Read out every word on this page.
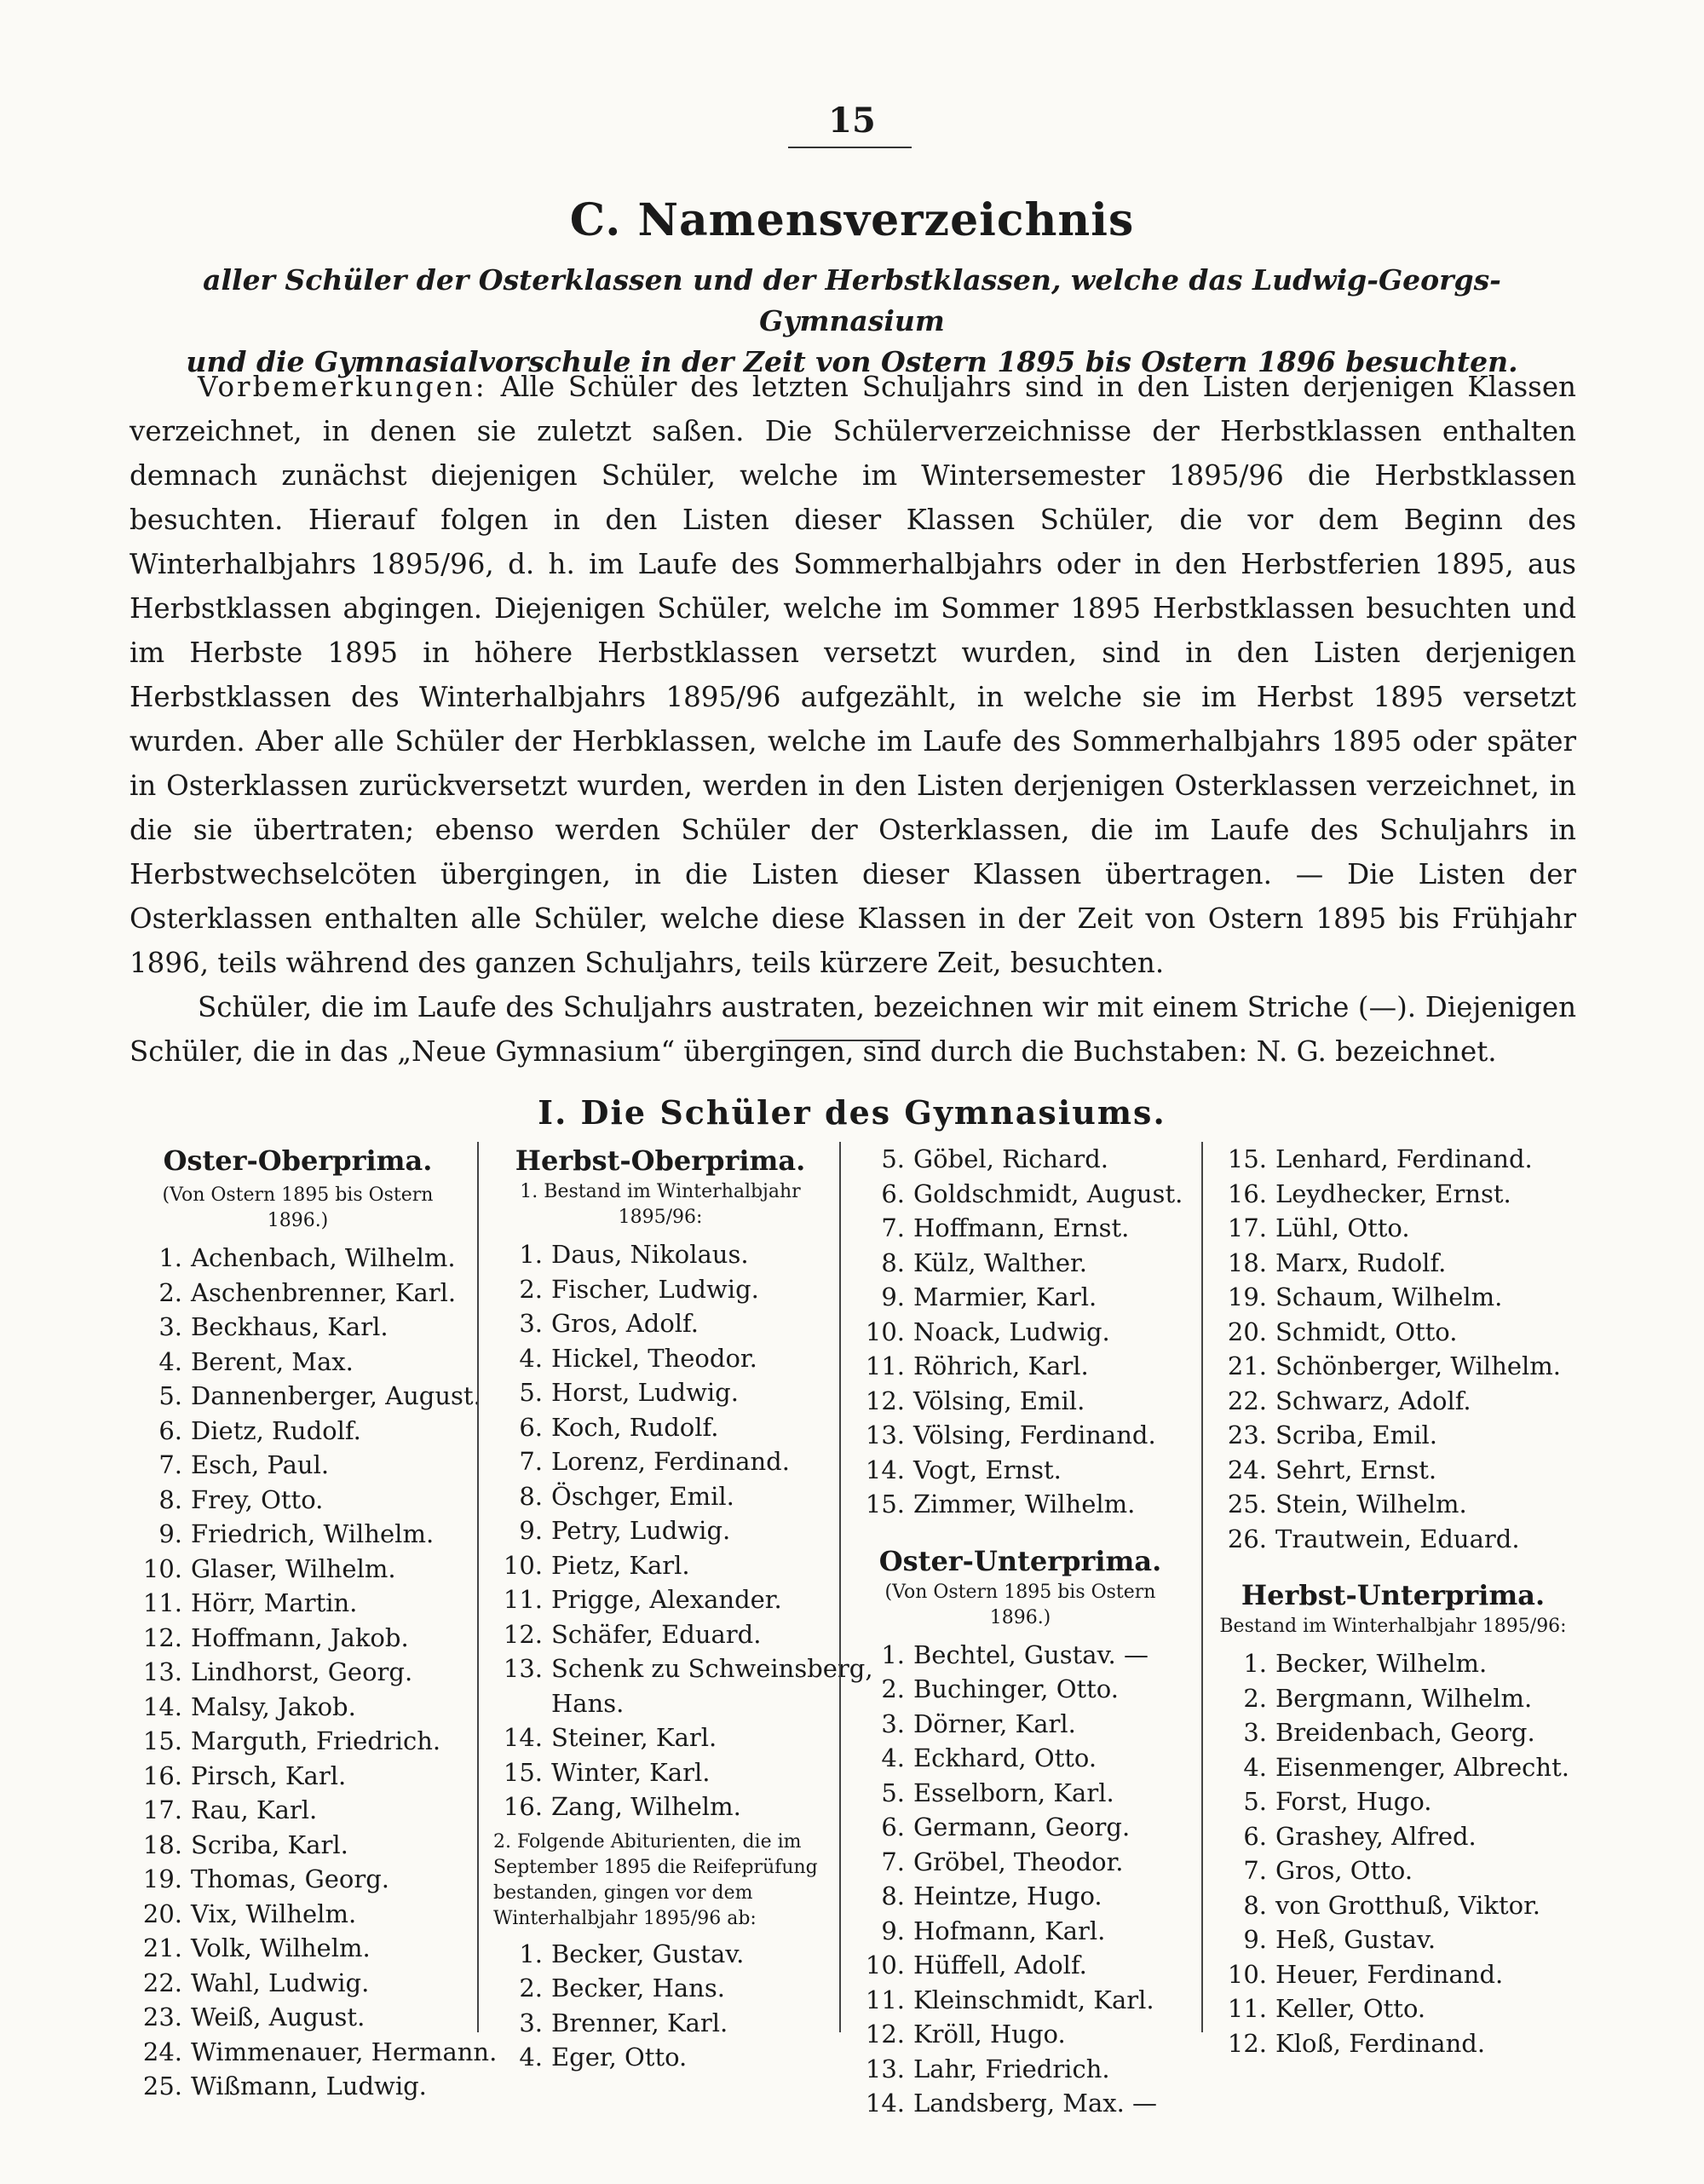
15
C. Namensverzeichnis
aller Schüler der Osterklassen und der Herbstklassen, welche das Ludwig-Georgs-Gymnasium
und die Gymnasialvorschule in der Zeit von Ostern 1895 bis Ostern 1896 besuchten.

Vorbemerkungen: Alle Schüler des letzten Schuljahrs sind in den Listen derjenigen Klassen verzeichnet, in denen sie zuletzt saßen. Die Schülerverzeichnisse der Herbstklassen enthalten demnach zunächst diejenigen Schüler, welche im Wintersemester 1895/96 die Herbstklassen besuchten. Hierauf folgen in den Listen dieser Klassen Schüler, die vor dem Beginn des Winterhalbjahrs 1895/96, d. h. im Laufe des Sommerhalbjahrs oder in den Herbstferien 1895, aus Herbstklassen abgingen. Diejenigen Schüler, welche im Sommer 1895 Herbstklassen besuchten und im Herbste 1895 in höhere Herbstklassen versetzt wurden, sind in den Listen derjenigen Herbstklassen des Winterhalbjahrs 1895/96 aufgezählt, in welche sie im Herbst 1895 versetzt wurden. Aber alle Schüler der Herbklassen, welche im Laufe des Sommerhalbjahrs 1895 oder später in Osterklassen zurückversetzt wurden, werden in den Listen derjenigen Osterklassen verzeichnet, in die sie übertraten; ebenso werden Schüler der Osterklassen, die im Laufe des Schuljahrs in Herbstwechselcöten übergingen, in die Listen dieser Klassen übertragen. — Die Listen der Osterklassen enthalten alle Schüler, welche diese Klassen in der Zeit von Ostern 1895 bis Frühjahr 1896, teils während des ganzen Schuljahrs, teils kürzere Zeit, besuchten.

Schüler, die im Laufe des Schuljahrs austraten, bezeichnen wir mit einem Striche (—). Diejenigen Schüler, die in das „Neue Gymnasium“ übergingen, sind durch die Buchstaben: N. G. bezeichnet.

I. Die Schüler des Gymnasiums.
Oster-Oberprima.
(Von Ostern 1895 bis Ostern 1896.)
1. Achenbach, Wilhelm.
2. Aschenbrenner, Karl.
3. Beckhaus, Karl.
4. Berent, Max.
5. Dannenberger, August.
6. Dietz, Rudolf.
7. Esch, Paul.
8. Frey, Otto.
9. Friedrich, Wilhelm.
10. Glaser, Wilhelm.
11. Hörr, Martin.
12. Hoffmann, Jakob.
13. Lindhorst, Georg.
14. Malsy, Jakob.
15. Marguth, Friedrich.
16. Pirsch, Karl.
17. Rau, Karl.
18. Scriba, Karl.
19. Thomas, Georg.
20. Vix, Wilhelm.
21. Volk, Wilhelm.
22. Wahl, Ludwig.
23. Weiß, August.
24. Wimmenauer, Hermann.
25. Wißmann, Ludwig.
Herbst-Oberprima.
1. Bestand im Winterhalbjahr 1895/96:
1. Daus, Nikolaus.
2. Fischer, Ludwig.
3. Gros, Adolf.
4. Hickel, Theodor.
5. Horst, Ludwig.
6. Koch, Rudolf.
7. Lorenz, Ferdinand.
8. Öschger, Emil.
9. Petry, Ludwig.
10. Pietz, Karl.
11. Prigge, Alexander.
12. Schäfer, Eduard.
13. Schenk zu Schweinsberg,
Hans.
14. Steiner, Karl.
15. Winter, Karl.
16. Zang, Wilhelm.
2. Folgende Abiturienten, die im September 1895 die Reifeprüfung bestanden, gingen vor dem Winterhalbjahr 1895/96 ab:
1. Becker, Gustav.
2. Becker, Hans.
3. Brenner, Karl.
4. Eger, Otto.
5. Göbel, Richard.
6. Goldschmidt, August.
7. Hoffmann, Ernst.
8. Külz, Walther.
9. Marmier, Karl.
10. Noack, Ludwig.
11. Röhrich, Karl.
12. Völsing, Emil.
13. Völsing, Ferdinand.
14. Vogt, Ernst.
15. Zimmer, Wilhelm.
Oster-Unterprima.
(Von Ostern 1895 bis Ostern 1896.)
1. Bechtel, Gustav. —
2. Buchinger, Otto.
3. Dörner, Karl.
4. Eckhard, Otto.
5. Esselborn, Karl.
6. Germann, Georg.
7. Gröbel, Theodor.
8. Heintze, Hugo.
9. Hofmann, Karl.
10. Hüffell, Adolf.
11. Kleinschmidt, Karl.
12. Kröll, Hugo.
13. Lahr, Friedrich.
14. Landsberg, Max. —
15. Lenhard, Ferdinand.
16. Leydhecker, Ernst.
17. Lühl, Otto.
18. Marx, Rudolf.
19. Schaum, Wilhelm.
20. Schmidt, Otto.
21. Schönberger, Wilhelm.
22. Schwarz, Adolf.
23. Scriba, Emil.
24. Sehrt, Ernst.
25. Stein, Wilhelm.
26. Trautwein, Eduard.
Herbst-Unterprima.
Bestand im Winterhalbjahr 1895/96:
1. Becker, Wilhelm.
2. Bergmann, Wilhelm.
3. Breidenbach, Georg.
4. Eisenmenger, Albrecht.
5. Forst, Hugo.
6. Grashey, Alfred.
7. Gros, Otto.
8. von Grotthuß, Viktor.
9. Heß, Gustav.
10. Heuer, Ferdinand.
11. Keller, Otto.
12. Kloß, Ferdinand.
